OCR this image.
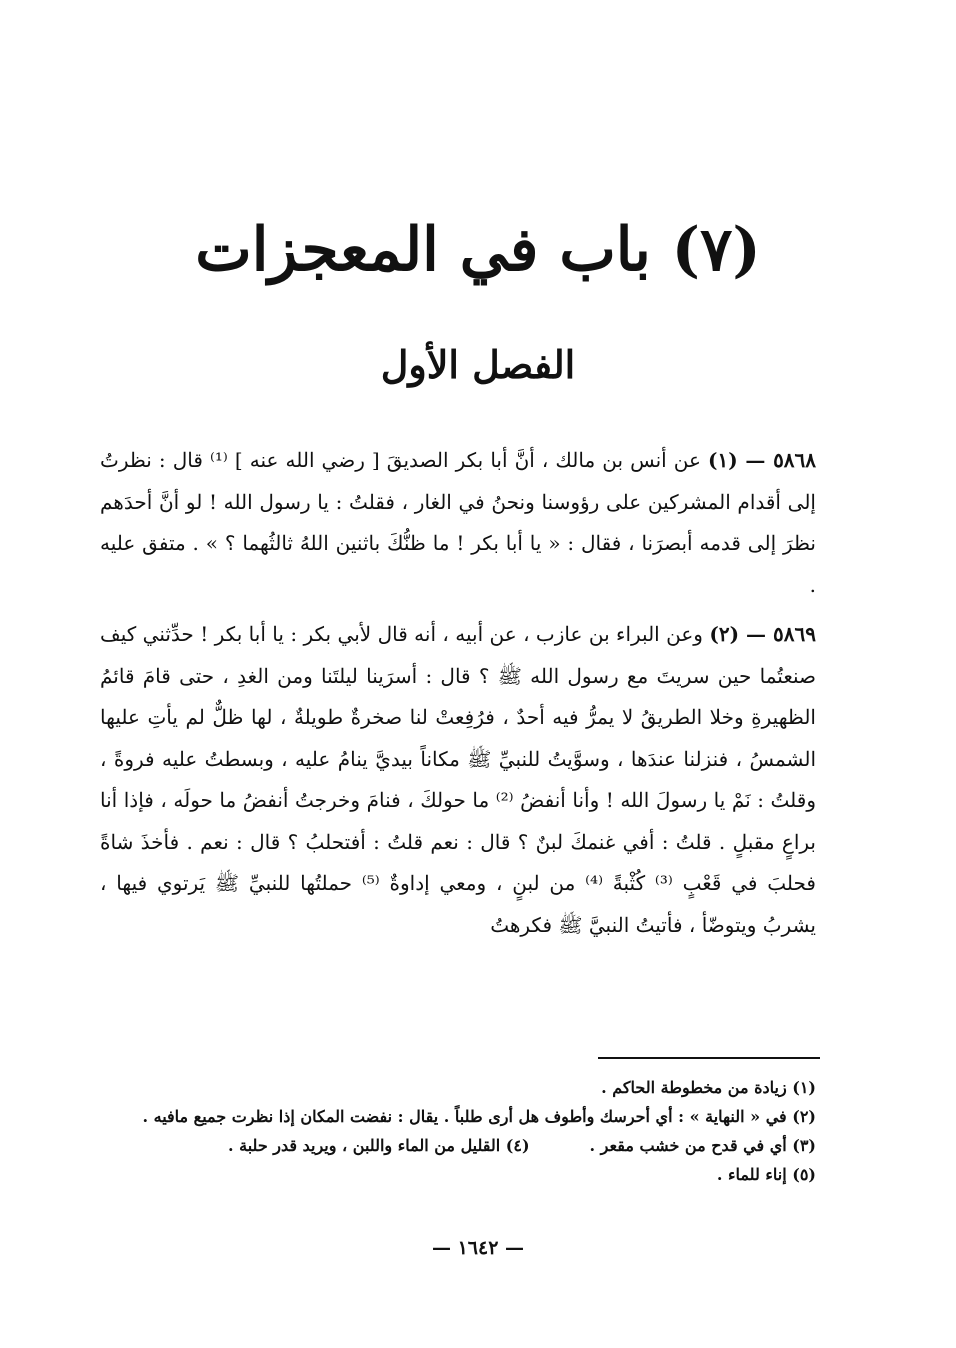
(٧) باب في المعجزات
الفصل الأول

٥٨٦٨ — (١) عن أنس بن مالك ، أنَّ أبا بكر الصديقَ [ رضي الله عنه ] ⁽¹⁾ قال : نظرتُ إلى أقدام المشركين على رؤوسنا ونحنُ في الغار ، فقلتُ : يا رسول الله ! لو أنَّ أحدَهم نظرَ إلى قدمه أبصرَنا ، فقال : « يا أبا بكر ! ما ظنُّكَ باثنين اللهُ ثالثُهما ؟ » . متفق عليه .

٥٨٦٩ — (٢) وعن البراء بن عازب ، عن أبيه ، أنه قال لأبي بكر : يا أبا بكر ! حدِّثني كيف صنعتُما حين سريتَ مع رسول الله ﷺ ؟ قال : أسرَينا ليلتَنا ومن الغدِ ، حتى قامَ قائمُ الظهيرةِ وخلا الطريقُ لا يمرُّ فيه أحدٌ ، فرُفِعتْ لنا صخرةٌ طويلةٌ ، لها ظلٌّ لم يأتِ عليها الشمسُ ، فنزلنا عندَها ، وسوَّيتُ للنبيِّ ﷺ مكاناً بيديَّ ينامُ عليه ، وبسطتُ عليه فروةً ، وقلتُ : نَمْ يا رسولَ الله ! وأنا أنفضُ ⁽²⁾ ما حولكَ ، فنامَ وخرجتُ أنفضُ ما حولَه ، فإذا أنا براعٍ مقبلٍ . قلتُ : أفي غنمكَ لبنٌ ؟ قال : نعم قلتُ : أفتحلبُ ؟ قال : نعم . فأخذَ شاةً فحلبَ في قَعْبٍ ⁽³⁾ كُثْبةً ⁽⁴⁾ من لبنٍ ، ومعي إداوةٌ ⁽⁵⁾ حملتُها للنبيِّ ﷺ يَرتوي فيها ، يشربُ ويتوضّأ ، فأتيتُ النبيَّ ﷺ فكرهتُ

(١) زيادة من مخطوطة الحاكم .
(٢) في « النهاية » : أي أحرسك وأطوف هل أرى طلباً . يقال : نفضت المكان إذا نظرت جميع مافيه .
(٣) أي في قدح من خشب مقعر .(٤) القليل من الماء واللبن ، ويريد قدر حلبة .
(٥) إناء للماء .
— ١٦٤٢ —
